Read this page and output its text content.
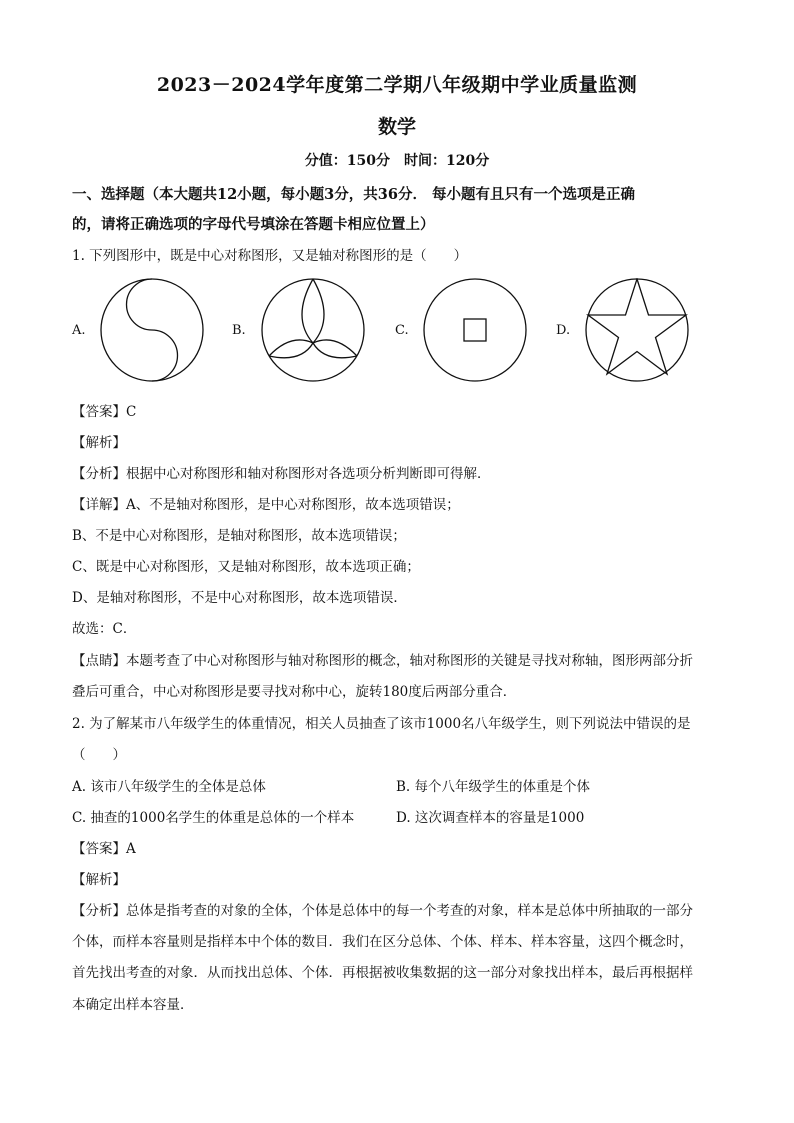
2023－2024学年度第二学期八年级期中学业质量监测
数学
分值：150分　时间：120分
一、选择题（本大题共12小题，每小题3分，共36分． 每小题有且只有一个选项是正确
的，请将正确选项的字母代号填涂在答题卡相应位置上）
1. 下列图形中，既是中心对称图形，又是轴对称图形的是（　　）
A.	B.	C.	D.
【答案】C
【解析】
【分析】根据中心对称图形和轴对称图形对各选项分析判断即可得解．
【详解】A、不是轴对称图形，是中心对称图形，故本选项错误；
B、不是中心对称图形，是轴对称图形，故本选项错误；
C、既是中心对称图形，又是轴对称图形，故本选项正确；
D、是轴对称图形，不是中心对称图形，故本选项错误．
故选：C．
【点睛】本题考查了中心对称图形与轴对称图形的概念，轴对称图形的关键是寻找对称轴，图形两部分折
叠后可重合，中心对称图形是要寻找对称中心，旋转180度后两部分重合．
2. 为了解某市八年级学生的体重情况，相关人员抽查了该市1000名八年级学生，则下列说法中错误的是
（　　）
A. 该市八年级学生的全体是总体	B. 每个八年级学生的体重是个体
C. 抽查的1000名学生的体重是总体的一个样本	D. 这次调查样本的容量是1000
【答案】A
【解析】
【分析】总体是指考查的对象的全体，个体是总体中的每一个考查的对象，样本是总体中所抽取的一部分
个体，而样本容量则是指样本中个体的数目．我们在区分总体、个体、样本、样本容量，这四个概念时，
首先找出考查的对象．从而找出总体、个体．再根据被收集数据的这一部分对象找出样本，最后再根据样
本确定出样本容量．
